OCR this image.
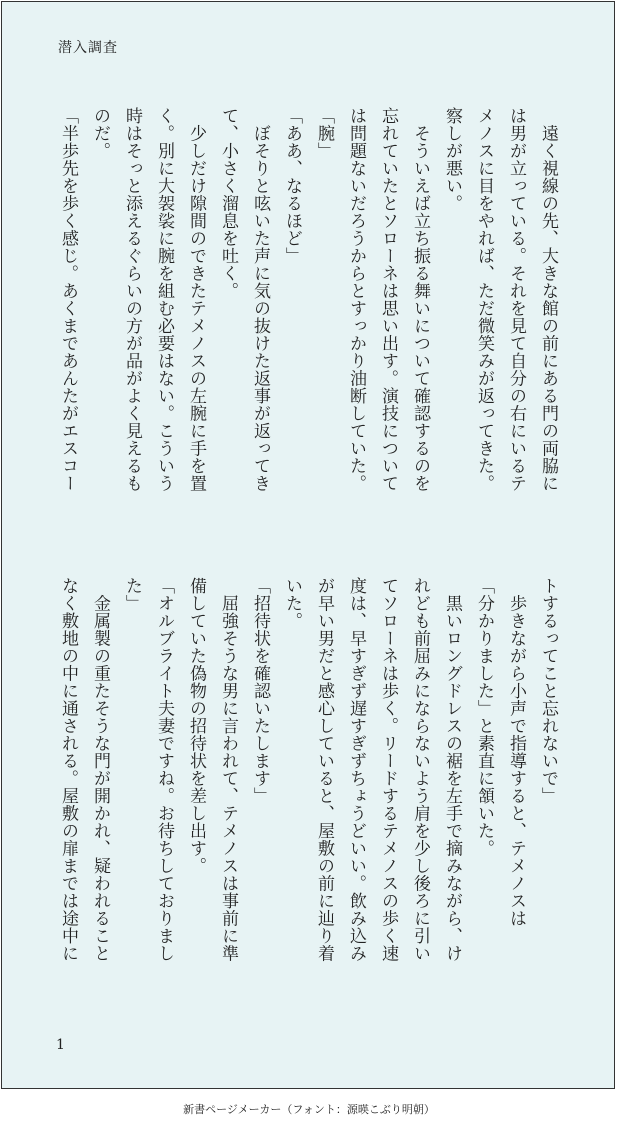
潜入調査
　遠く視線の先、大きな館の前にある門の両脇に
は男が立っている。それを見て自分の右にいるテ
メノスに目をやれば、ただ微笑みが返ってきた。
察しが悪い。
　そういえば立ち振る舞いについて確認するのを
忘れていたとソローネは思い出す。演技について
は問題ないだろうからとすっかり油断していた。
「腕」
「ああ、なるほど」
　ぼそりと呟いた声に気の抜けた返事が返ってき
て、小さく溜息を吐く。
　少しだけ隙間のできたテメノスの左腕に手を置
く。別に大袈裟に腕を組む必要はない。こういう
時はそっと添えるぐらいの方が品がよく見えるも
のだ。
「半歩先を歩く感じ。あくまであんたがエスコー
トするってこと忘れないで」
　歩きながら小声で指導すると、テメノスは
「分かりました」と素直に頷いた。
　黒いロングドレスの裾を左手で摘みながら、け
れども前屈みにならないよう肩を少し後ろに引い
てソローネは歩く。リードするテメノスの歩く速
度は、早すぎず遅すぎずちょうどいい。飲み込み
が早い男だと感心していると、屋敷の前に辿り着
いた。
「招待状を確認いたします」
　屈強そうな男に言われて、テメノスは事前に準
備していた偽物の招待状を差し出す。
「オルブライト夫妻ですね。お待ちしておりまし
た」
　金属製の重たそうな門が開かれ、疑われること
なく敷地の中に通される。屋敷の扉までは途中に
1
新書ページメーカー（フォント：源暎こぶり明朝）
